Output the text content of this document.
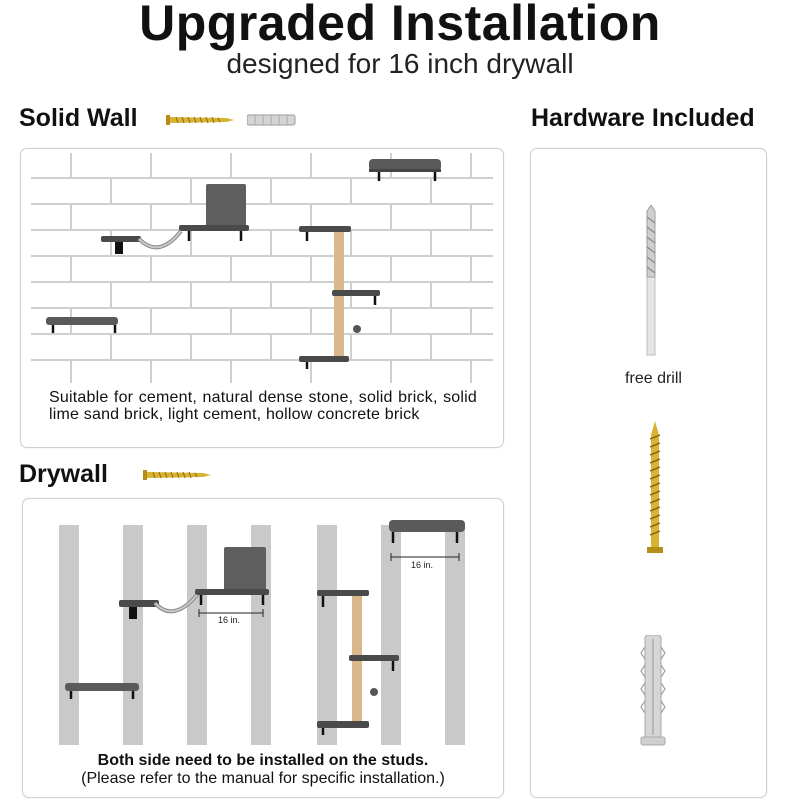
Upgraded Installation
designed for 16 inch drywall
Solid Wall
Suitable for cement, natural dense stone, solid brick, solid lime sand brick, light cement, hollow concrete brick
Drywall
16 in.
16 in.
Both side need to be installed on the studs.
(Please refer to the manual for specific installation.)
Hardware Included
free drill
